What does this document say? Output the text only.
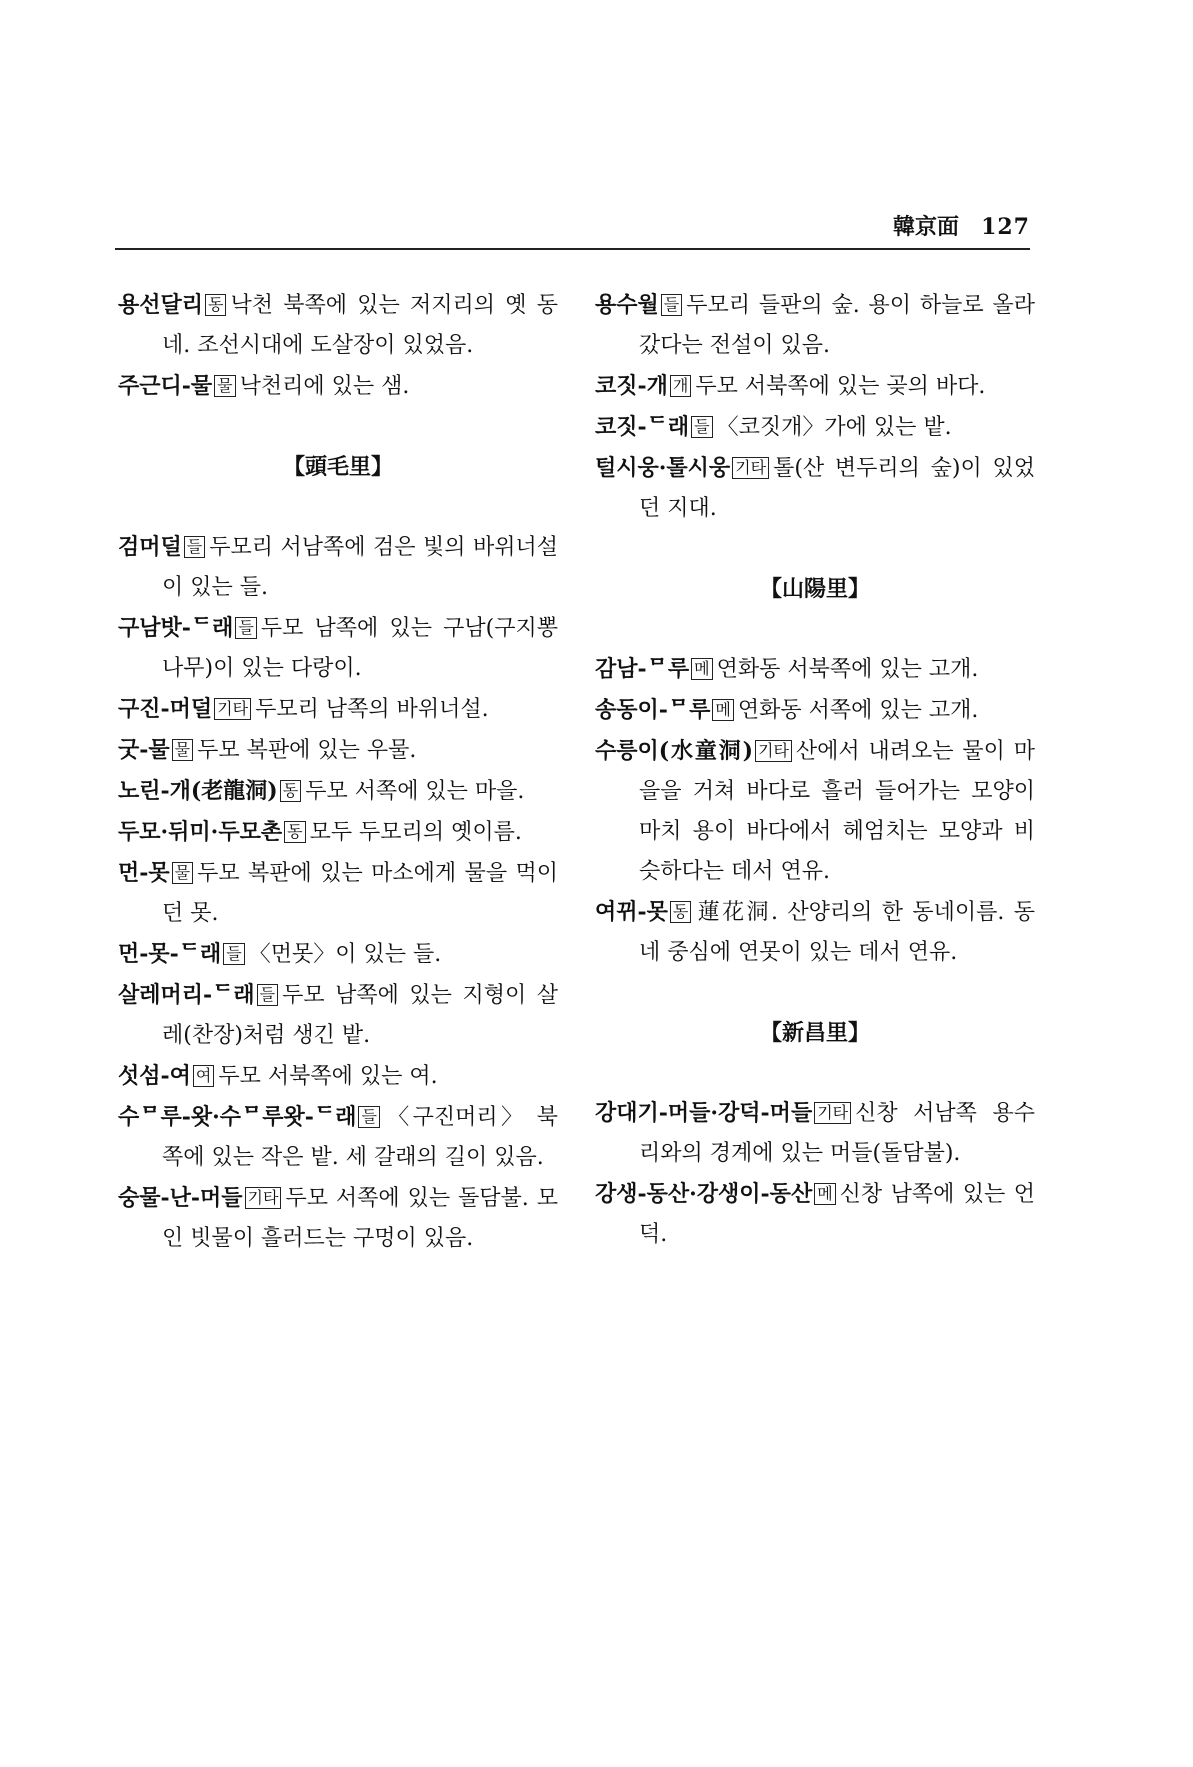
韓京面 127
용선달리 동 낙천 북쪽에 있는 저지리의 옛 동네. 조선시대에 도살장이 있었음.
주근디-물 물 낙천리에 있는 샘.
【頭毛里】
검머덜 들 두모리 서남쪽에 검은 빛의 바위너설이 있는 들.
구남밧-ᄃ래 들 두모 남쪽에 있는 구남(구지뽕나무)이 있는 다랑이.
구진-머덜 기타 두모리 남쪽의 바위너설.
굿-물 물 두모 복판에 있는 우물.
노린-개(老龍洞) 동 두모 서쪽에 있는 마을.
두모·뒤미·두모촌 동 모두 두모리의 옛이름.
먼-못 물 두모 복판에 있는 마소에게 물을 먹이던 못.
먼-못-ᄃ래 들 〈먼못〉이 있는 들.
살레머리-ᄃ래 들 두모 남쪽에 있는 지형이 살레(찬장)처럼 생긴 밭.
섯섬-여 여 두모 서북쪽에 있는 여.
수ᄆ루-왓·수ᄆ루왓-ᄃ래 들 〈구진머리〉 북쪽에 있는 작은 밭. 세 갈래의 길이 있음.
숭물-난-머들 기타 두모 서쪽에 있는 돌담불. 모인 빗물이 흘러드는 구멍이 있음.
용수월 들 두모리 들판의 숲. 용이 하늘로 올라갔다는 전설이 있음.
코짓-개 개 두모 서북쪽에 있는 곶의 바다.
코짓-ᄃ래 들 〈코짓개〉가에 있는 밭.
털시웅·톨시웅 기타 톨(산 변두리의 숲)이 있었던 지대.
【山陽里】
감남-ᄆ루 메 연화동 서북쪽에 있는 고개.
송동이-ᄆ루 메 연화동 서쪽에 있는 고개.
수릉이(水童洞) 기타 산에서 내려오는 물이 마을을 거쳐 바다로 흘러 들어가는 모양이 마치 용이 바다에서 헤엄치는 모양과 비슷하다는 데서 연유.
여뀌-못 동 蓮花洞. 산양리의 한 동네이름. 동네 중심에 연못이 있는 데서 연유.
【新昌里】
강대기-머들·강덕-머들 기타 신창 서남쪽 용수리와의 경계에 있는 머들(돌담불).
강생-동산·강생이-동산 메 신창 남쪽에 있는 언덕.
